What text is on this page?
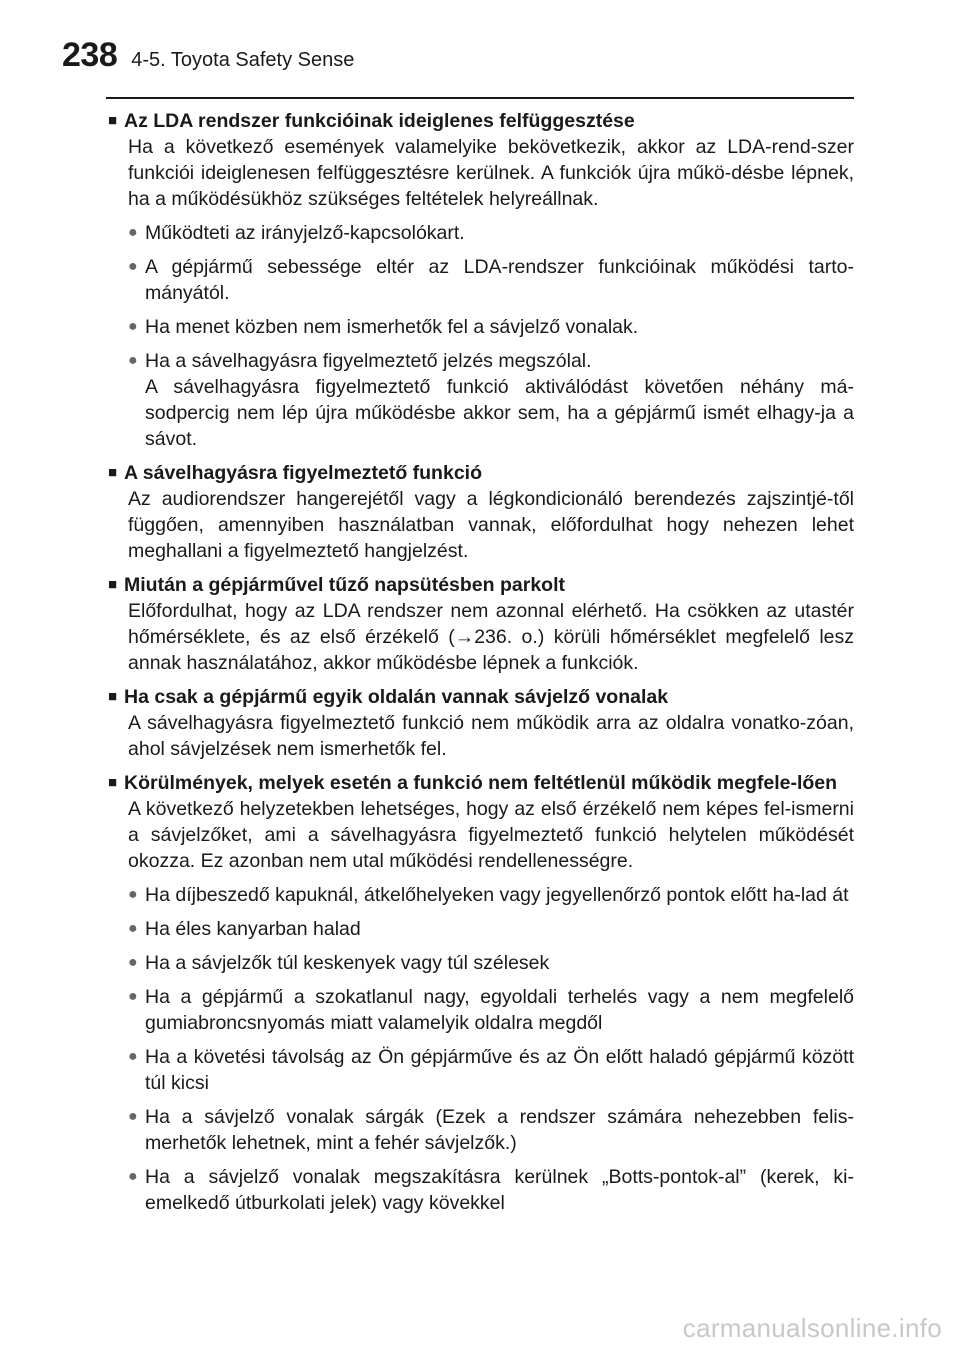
238 4-5. Toyota Safety Sense
■ Az LDA rendszer funkcióinak ideiglenes felfüggesztése
Ha a következő események valamelyike bekövetkezik, akkor az LDA-rend-szer funkciói ideiglenesen felfüggesztésre kerülnek. A funkciók újra műkö-désbe lépnek, ha a működésükhöz szükséges feltételek helyreállnak.
● Működteti az irányjelző-kapcsolókart.
● A gépjármű sebessége eltér az LDA-rendszer funkcióinak működési tarto-mányától.
● Ha menet közben nem ismerhetők fel a sávjelző vonalak.
● Ha a sávelhagyásra figyelmeztető jelzés megszólal.
A sávelhagyásra figyelmeztető funkció aktiválódást követően néhány má-sodpercig nem lép újra működésbe akkor sem, ha a gépjármű ismét elhagy-ja a sávot.
■ A sávelhagyásra figyelmeztető funkció
Az audiorendszer hangerejétől vagy a légkondicionáló berendezés zajszintjé-től függően, amennyiben használatban vannak, előfordulhat hogy nehezen lehet meghallani a figyelmeztető hangjelzést.
■ Miután a gépjárművel tűző napsütésben parkolt
Előfordulhat, hogy az LDA rendszer nem azonnal elérhető. Ha csökken az utastér hőmérséklete, és az első érzékelő (→236. o.) körüli hőmérséklet megfelelő lesz annak használatához, akkor működésbe lépnek a funkciók.
■ Ha csak a gépjármű egyik oldalán vannak sávjelző vonalak
A sávelhagyásra figyelmeztető funkció nem működik arra az oldalra vonatko-zóan, ahol sávjelzések nem ismerhetők fel.
■ Körülmények, melyek esetén a funkció nem feltétlenül működik megfele-lően
A következő helyzetekben lehetséges, hogy az első érzékelő nem képes fel-ismerni a sávjelzőket, ami a sávelhagyásra figyelmeztető funkció helytelen működését okozza. Ez azonban nem utal működési rendellenességre.
● Ha díjbeszedő kapuknál, átkelőhelyeken vagy jegyellenőrző pontok előtt ha-lad át
● Ha éles kanyarban halad
● Ha a sávjelzők túl keskenyek vagy túl szélesek
● Ha a gépjármű a szokatlanul nagy, egyoldali terhelés vagy a nem megfelelő gumiabroncsnyomás miatt valamelyik oldalra megdől
● Ha a követési távolság az Ön gépjárműve és az Ön előtt haladó gépjármű között túl kicsi
● Ha a sávjelző vonalak sárgák (Ezek a rendszer számára nehezebben felis-merhetők lehetnek, mint a fehér sávjelzők.)
● Ha a sávjelző vonalak megszakításra kerülnek „Botts-pontok-al” (kerek, ki-emelkedő útburkolati jelek) vagy kövekkel
carmanualsonline.info
